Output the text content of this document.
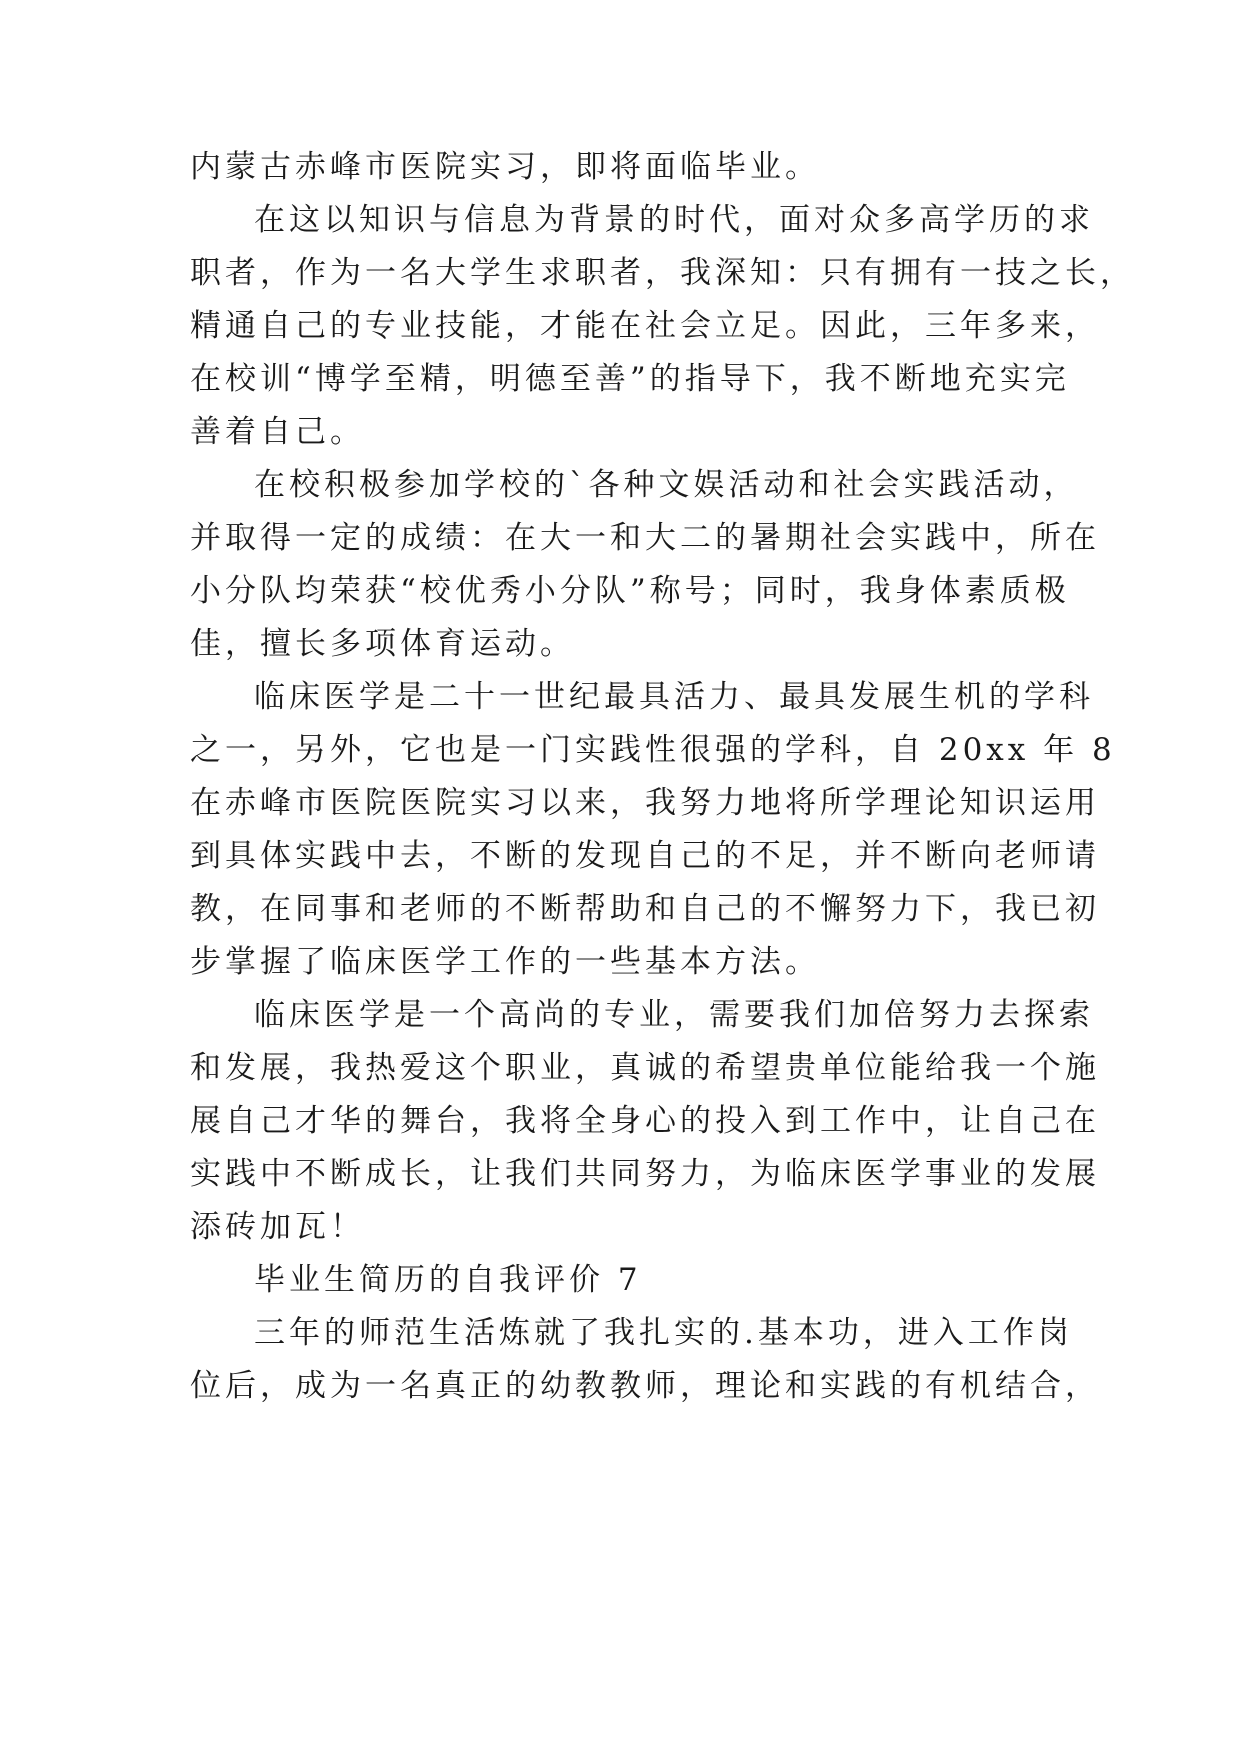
内蒙古赤峰市医院实习，即将面临毕业。
在这以知识与信息为背景的时代，面对众多高学历的求
职者，作为一名大学生求职者，我深知：只有拥有一技之长，
精通自己的专业技能，才能在社会立足。因此，三年多来，
在校训“博学至精，明德至善”的指导下，我不断地充实完
善着自己。
在校积极参加学校的`各种文娱活动和社会实践活动，
并取得一定的成绩：在大一和大二的暑期社会实践中，所在
小分队均荣获“校优秀小分队”称号；同时，我身体素质极
佳，擅长多项体育运动。
临床医学是二十一世纪最具活力、最具发展生机的学科
之一，另外，它也是一门实践性很强的学科，自 20xx 年 8
在赤峰市医院医院实习以来，我努力地将所学理论知识运用
到具体实践中去，不断的发现自己的不足，并不断向老师请
教，在同事和老师的不断帮助和自己的不懈努力下，我已初
步掌握了临床医学工作的一些基本方法。
临床医学是一个高尚的专业，需要我们加倍努力去探索
和发展，我热爱这个职业，真诚的希望贵单位能给我一个施
展自己才华的舞台，我将全身心的投入到工作中，让自己在
实践中不断成长，让我们共同努力，为临床医学事业的发展
添砖加瓦！
毕业生简历的自我评价 7
三年的师范生活炼就了我扎实的.基本功，进入工作岗
位后，成为一名真正的幼教教师，理论和实践的有机结合，
